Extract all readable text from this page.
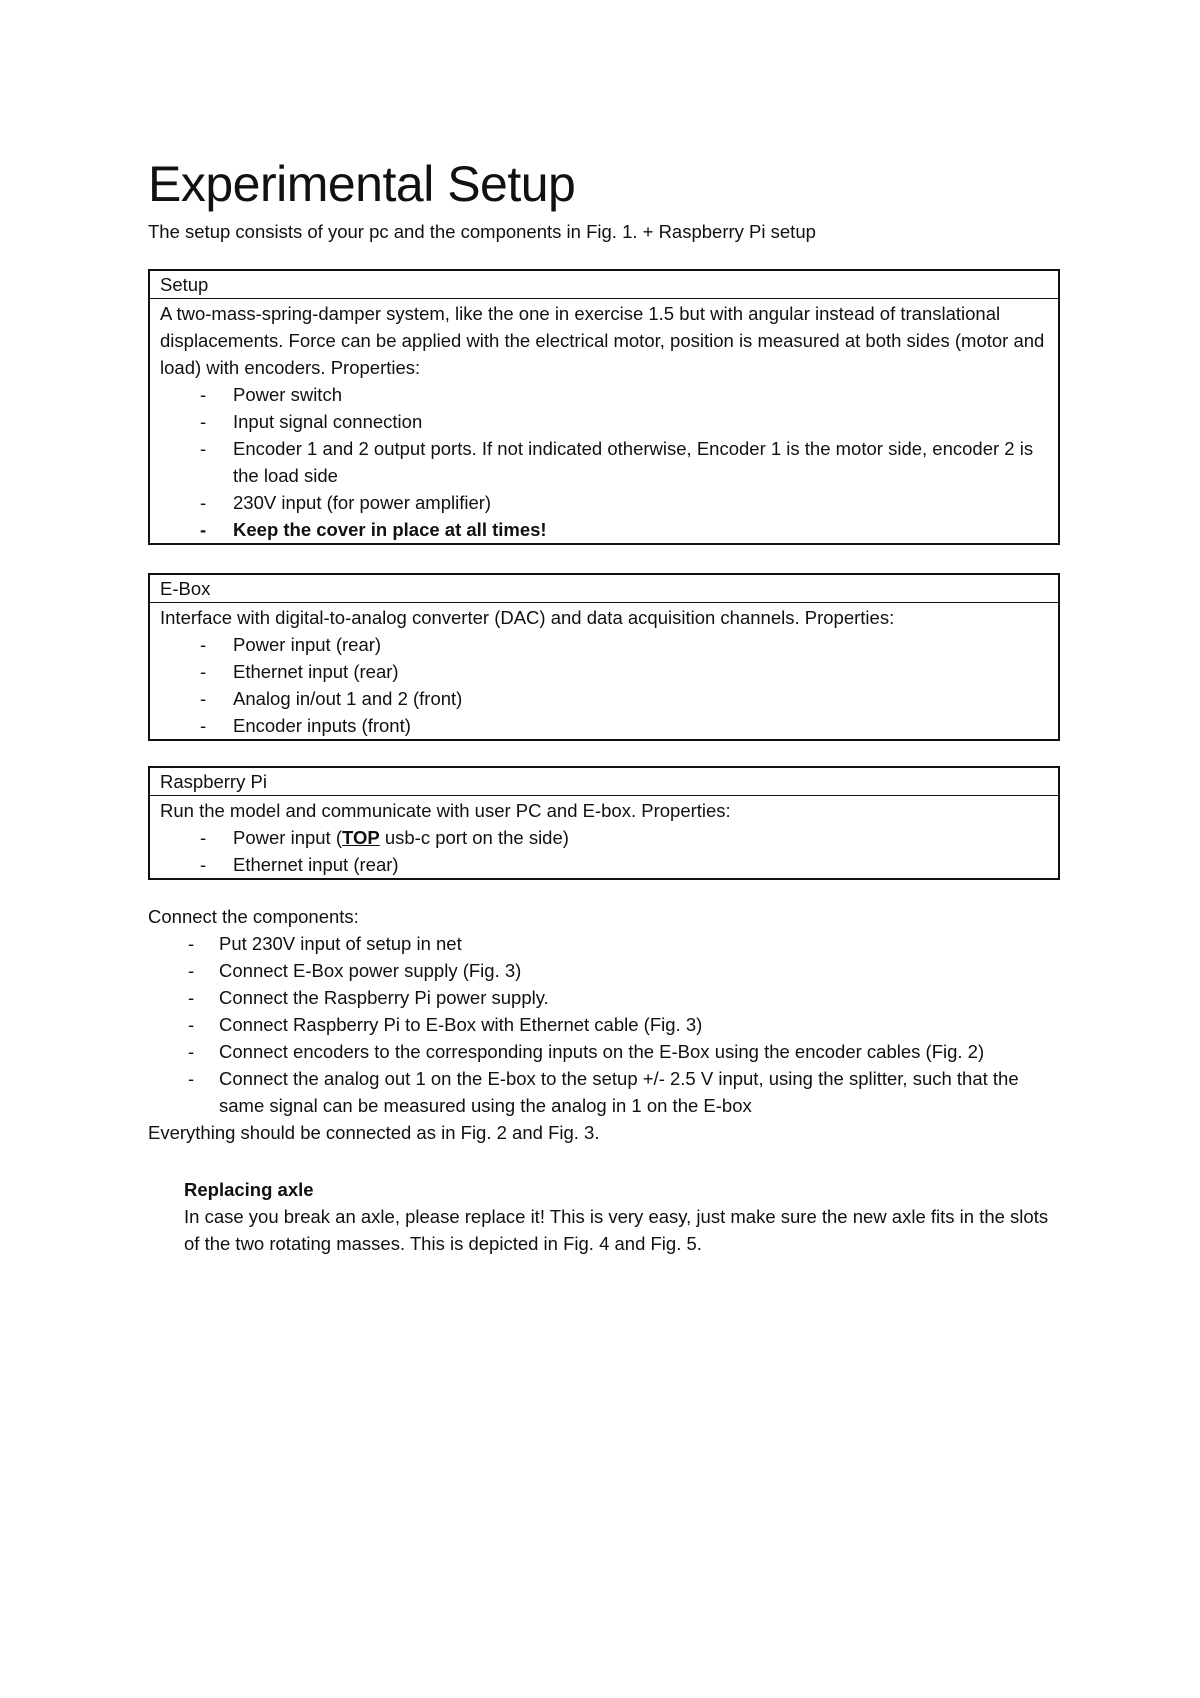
Experimental Setup
The setup consists of your pc and the components in Fig. 1. + Raspberry Pi setup
Setup

A two-mass-spring-damper system, like the one in exercise 1.5 but with angular instead of translational displacements. Force can be applied with the electrical motor, position is measured at both sides (motor and load) with encoders. Properties:

- Power switch
- Input signal connection
- Encoder 1 and 2 output ports. If not indicated otherwise, Encoder 1 is the motor side, encoder 2 is the load side
- 230V input (for power amplifier)
- Keep the cover in place at all times!
E-Box

Interface with digital-to-analog converter (DAC) and data acquisition channels. Properties:

- Power input (rear)
- Ethernet input (rear)
- Analog in/out 1 and 2 (front)
- Encoder inputs (front)
Raspberry Pi

Run the model and communicate with user PC and E-box. Properties:

- Power input (TOP usb-c port on the side)
- Ethernet input (rear)

Connect the components:

- Put 230V input of setup in net
- Connect E-Box power supply (Fig. 3)
- Connect the Raspberry Pi power supply.
- Connect Raspberry Pi to E-Box with Ethernet cable (Fig. 3)
- Connect encoders to the corresponding inputs on the E-Box using the encoder cables (Fig. 2)
- Connect the analog out 1 on the E-box to the setup +/- 2.5 V input, using the splitter, such that the same signal can be measured using the analog in 1 on the E-box

Everything should be connected as in Fig. 2 and Fig. 3.

Replacing axle

In case you break an axle, please replace it! This is very easy, just make sure the new axle fits in the slots of the two rotating masses. This is depicted in Fig. 4 and Fig. 5.
